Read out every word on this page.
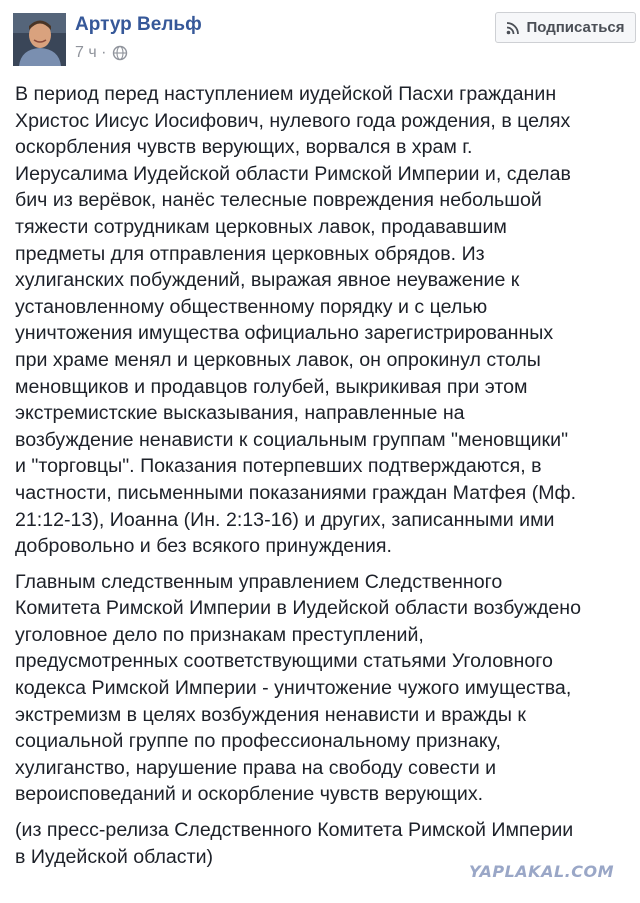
Артур Вельф
7 ч ·
Подписаться

В период перед наступлением иудейской Пасхи гражданин

Христос Иисус Иосифович, нулевого года рождения, в целях

оскорбления чувств верующих, ворвался в храм г.

Иерусалима Иудейской области Римской Империи и, сделав

бич из верёвок, нанёс телесные повреждения небольшой

тяжести сотрудникам церковных лавок, продававшим

предметы для отправления церковных обрядов. Из

хулиганских побуждений, выражая явное неуважение к

установленному общественному порядку и с целью

уничтожения имущества официально зарегистрированных

при храме менял и церковных лавок, он опрокинул столы

меновщиков и продавцов голубей, выкрикивая при этом

экстремистские высказывания, направленные на

возбуждение ненависти к социальным группам "меновщики"

и "торговцы". Показания потерпевших подтверждаются, в

частности, письменными показаниями граждан Матфея (Мф.

21:12-13), Иоанна (Ин. 2:13-16) и других, записанными ими

добровольно и без всякого принуждения.

Главным следственным управлением Следственного

Комитета Римской Империи в Иудейской области возбуждено

уголовное дело по признакам преступлений,

предусмотренных соответствующими статьями Уголовного

кодекса Римской Империи - уничтожение чужого имущества,

экстремизм в целях возбуждения ненависти и вражды к

социальной группе по профессиональному признаку,

хулиганство, нарушение права на свободу совести и

вероисповеданий и оскорбление чувств верующих.

(из пресс-релиза Следственного Комитета Римской Империи

в Иудейской области)

YAPLAKAL.COM
